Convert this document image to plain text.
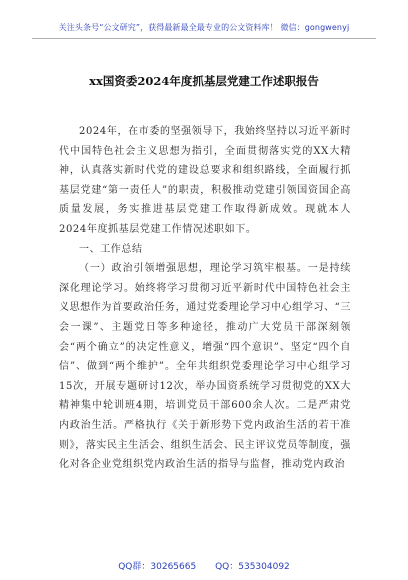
关注头条号“公文研究”，获得最新最全最专业的公文资料库！ 微信：gongwenyj
xx国资委2024年度抓基层党建工作述职报告

2024年，在市委的坚强领导下，我始终坚持以习近平新时代中国特色社会主义思想为指引，全面贯彻落实党的XX大精神，认真落实新时代党的建设总要求和组织路线，全面履行抓基层党建“第一责任人”的职责，积极推动党建引领国资国企高质量发展，务实推进基层党建工作取得新成效。现就本人2024年度抓基层党建工作情况述职如下。

一、工作总结

（一）政治引领增强思想，理论学习筑牢根基。一是持续深化理论学习。始终将学习贯彻习近平新时代中国特色社会主义思想作为首要政治任务，通过党委理论学习中心组学习、“三会一课”、主题党日等多种途径，推动广大党员干部深刻领会“两个确立”的决定性意义，增强“四个意识”、坚定“四个自信”、做到“两个维护”。全年共组织党委理论学习中心组学习15次，开展专题研讨12次，举办国资系统学习贯彻党的XX大精神集中轮训班4期，培训党员干部600余人次。二是严肃党内政治生活。严格执行《关于新形势下党内政治生活的若干准则》，落实民主生活会、组织生活会、民主评议党员等制度，强化对各企业党组织党内政治生活的指导与监督，推动党内政治

QQ群：30265665 QQ：535304092
